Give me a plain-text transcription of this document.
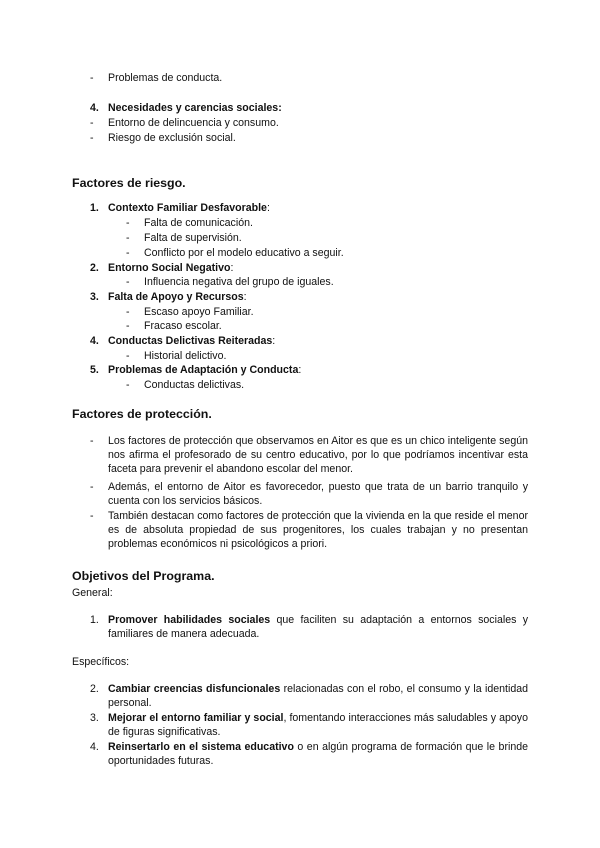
- Problemas de conducta.
4. Necesidades y carencias sociales:
- Entorno de delincuencia y consumo.
- Riesgo de exclusión social.
Factores de riesgo.
1. Contexto Familiar Desfavorable:
- Falta de comunicación.
- Falta de supervisión.
- Conflicto por el modelo educativo a seguir.
2. Entorno Social Negativo:
- Influencia negativa del grupo de iguales.
3. Falta de Apoyo y Recursos:
- Escaso apoyo Familiar.
- Fracaso escolar.
4. Conductas Delictivas Reiteradas:
- Historial delictivo.
5. Problemas de Adaptación y Conducta:
- Conductas delictivas.
Factores de protección.
- Los factores de protección que observamos en Aitor es que es un chico inteligente según nos afirma el profesorado de su centro educativo, por lo que podríamos incentivar esta faceta para prevenir el abandono escolar del menor.
- Además, el entorno de Aitor es favorecedor, puesto que trata de un barrio tranquilo y cuenta con los servicios básicos.
- También destacan como factores de protección que la vivienda en la que reside el menor es de absoluta propiedad de sus progenitores, los cuales trabajan y no presentan problemas económicos ni psicológicos a priori.
Objetivos del Programa.
General:
1. Promover habilidades sociales que faciliten su adaptación a entornos sociales y familiares de manera adecuada.
Específicos:
2. Cambiar creencias disfuncionales relacionadas con el robo, el consumo y la identidad personal.
3. Mejorar el entorno familiar y social, fomentando interacciones más saludables y apoyo de figuras significativas.
4. Reinsertarlo en el sistema educativo o en algún programa de formación que le brinde oportunidades futuras.
